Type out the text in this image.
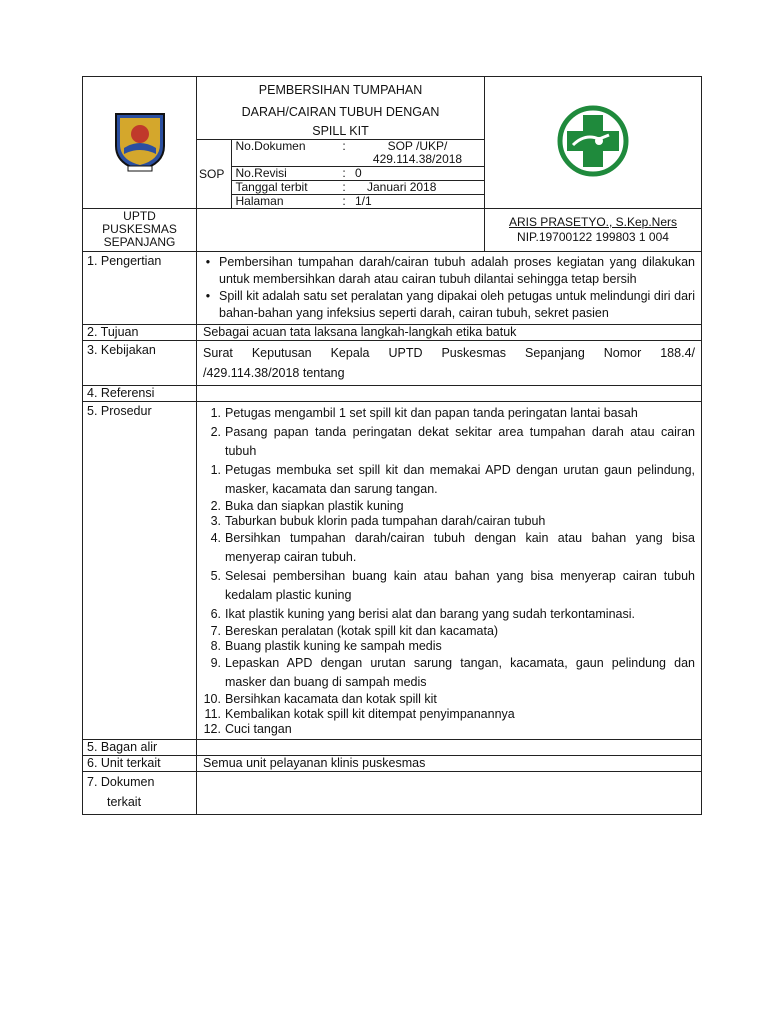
PEMBERSIHAN TUMPAHAN
DARAH/CAIRAN TUBUH DENGAN
SPILL KIT
SOP	No.Dokumen	:	SOP /UKP/ 429.114.38/2018
No.Revisi	:	0
Tanggal terbit	:	Januari 2018
Halaman	:	1/1

UPTD PUSKESMAS SEPANJANG		
ARIS PRASETYO., S.Kep.Ners
NIP.19700122 199803 1 004

1. Pengertian	• Pembersihan tumpahan darah/cairan tubuh adalah proses kegiatan yang dilakukan untuk membersihkan darah atau cairan tubuh dilantai sehingga tetap bersih
• Spill kit adalah satu set peralatan yang dipakai oleh petugas untuk melindungi diri dari bahan-bahan yang infeksius seperti darah, cairan tubuh, sekret pasien

2. Tujuan	Sebagai acuan tata laksana langkah-langkah etika batuk
3. Kebijakan	Surat Keputusan Kepala UPTD Puskesmas Sepanjang Nomor 188.4/      /429.114.38/2018 tentang
4. Referensi	
5. Prosedur	1. Petugas mengambil 1 set spill kit dan papan tanda peringatan lantai basah
2. Pasang papan tanda peringatan dekat sekitar area tumpahan darah atau cairan tubuh
1. Petugas membuka set spill kit dan memakai APD dengan urutan gaun pelindung, masker, kacamata dan sarung tangan.
2. Buka dan siapkan plastik kuning
3. Taburkan bubuk klorin pada tumpahan darah/cairan tubuh
4. Bersihkan tumpahan darah/cairan tubuh dengan kain atau bahan yang bisa menyerap cairan tubuh.
5. Selesai pembersihan buang kain atau bahan yang bisa menyerap cairan tubuh kedalam plastic kuning
6. Ikat plastik kuning yang berisi alat dan barang yang sudah terkontaminasi.
7. Bereskan peralatan (kotak spill kit dan kacamata)
8. Buang plastik kuning ke sampah medis
9. Lepaskan APD dengan urutan sarung tangan, kacamata, gaun pelindung dan masker dan buang di sampah medis
10. Bersihkan kacamata dan kotak spill kit
11. Kembalikan kotak spill kit ditempat penyimpanannya
12. Cuci tangan

5. Bagan alir	
6. Unit terkait	Semua unit pelayanan klinis puskesmas

7. Dokumen
terkait
